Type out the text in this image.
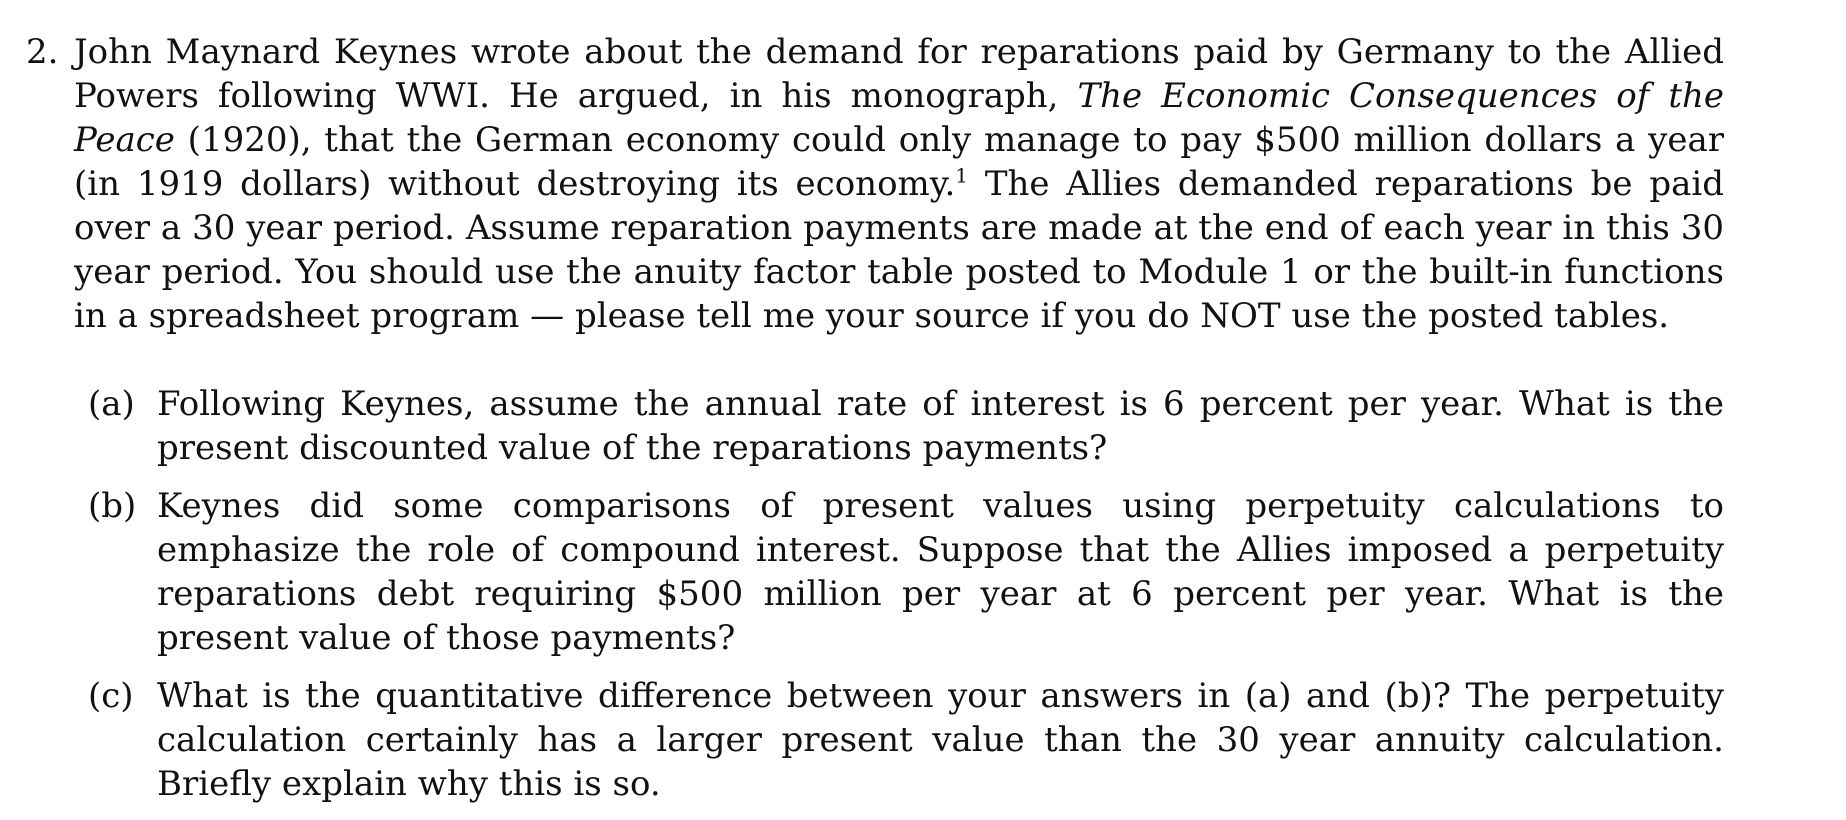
2. John Maynard Keynes wrote about the demand for reparations paid by Germany to the Allied Powers following WWI. He argued, in his monograph, The Economic Consequences of the Peace (1920), that the German economy could only manage to pay $500 million dollars a year (in 1919 dollars) without destroying its economy.$^1$ The Allies demanded reparations be paid over a 30 year period. Assume reparation payments are made at the end of each year in this 30 year period. You should use the anuity factor table posted to Module 1 or the built-in functions in a spreadsheet program — please tell me your source if you do NOT use the posted tables.
(a) Following Keynes, assume the annual rate of interest is 6 percent per year. What is the present discounted value of the reparations payments?
(b) Keynes did some comparisons of present values using perpetuity calculations to emphasize the role of compound interest. Suppose that the Allies imposed a perpetuity reparations debt requiring $500 million per year at 6 percent per year. What is the present value of those payments?
(c) What is the quantitative difference between your answers in (a) and (b)? The perpetuity calculation certainly has a larger present value than the 30 year annuity calculation. Briefly explain why this is so.
